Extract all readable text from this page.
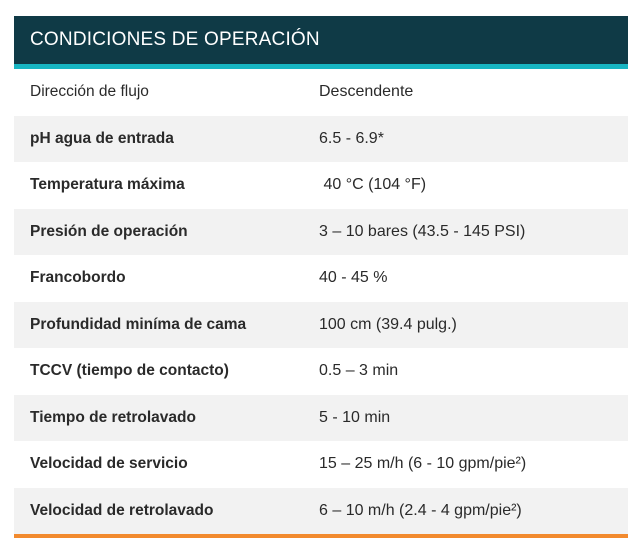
CONDICIONES DE OPERACIÓN
Dirección de flujo	Descendente
pH agua de entrada	6.5 - 6.9*
Temperatura máxima	40 °C (104 °F)
Presión de operación	3 – 10 bares (43.5 - 145 PSI)
Francobordo	40 - 45 %
Profundidad miníma de cama	100 cm (39.4 pulg.)
TCCV (tiempo de contacto)	0.5 – 3 min
Tiempo de retrolavado	5 - 10 min
Velocidad de servicio	15 – 25 m/h (6 - 10 gpm/pie²)
Velocidad de retrolavado	6 – 10 m/h (2.4 - 4 gpm/pie²)
